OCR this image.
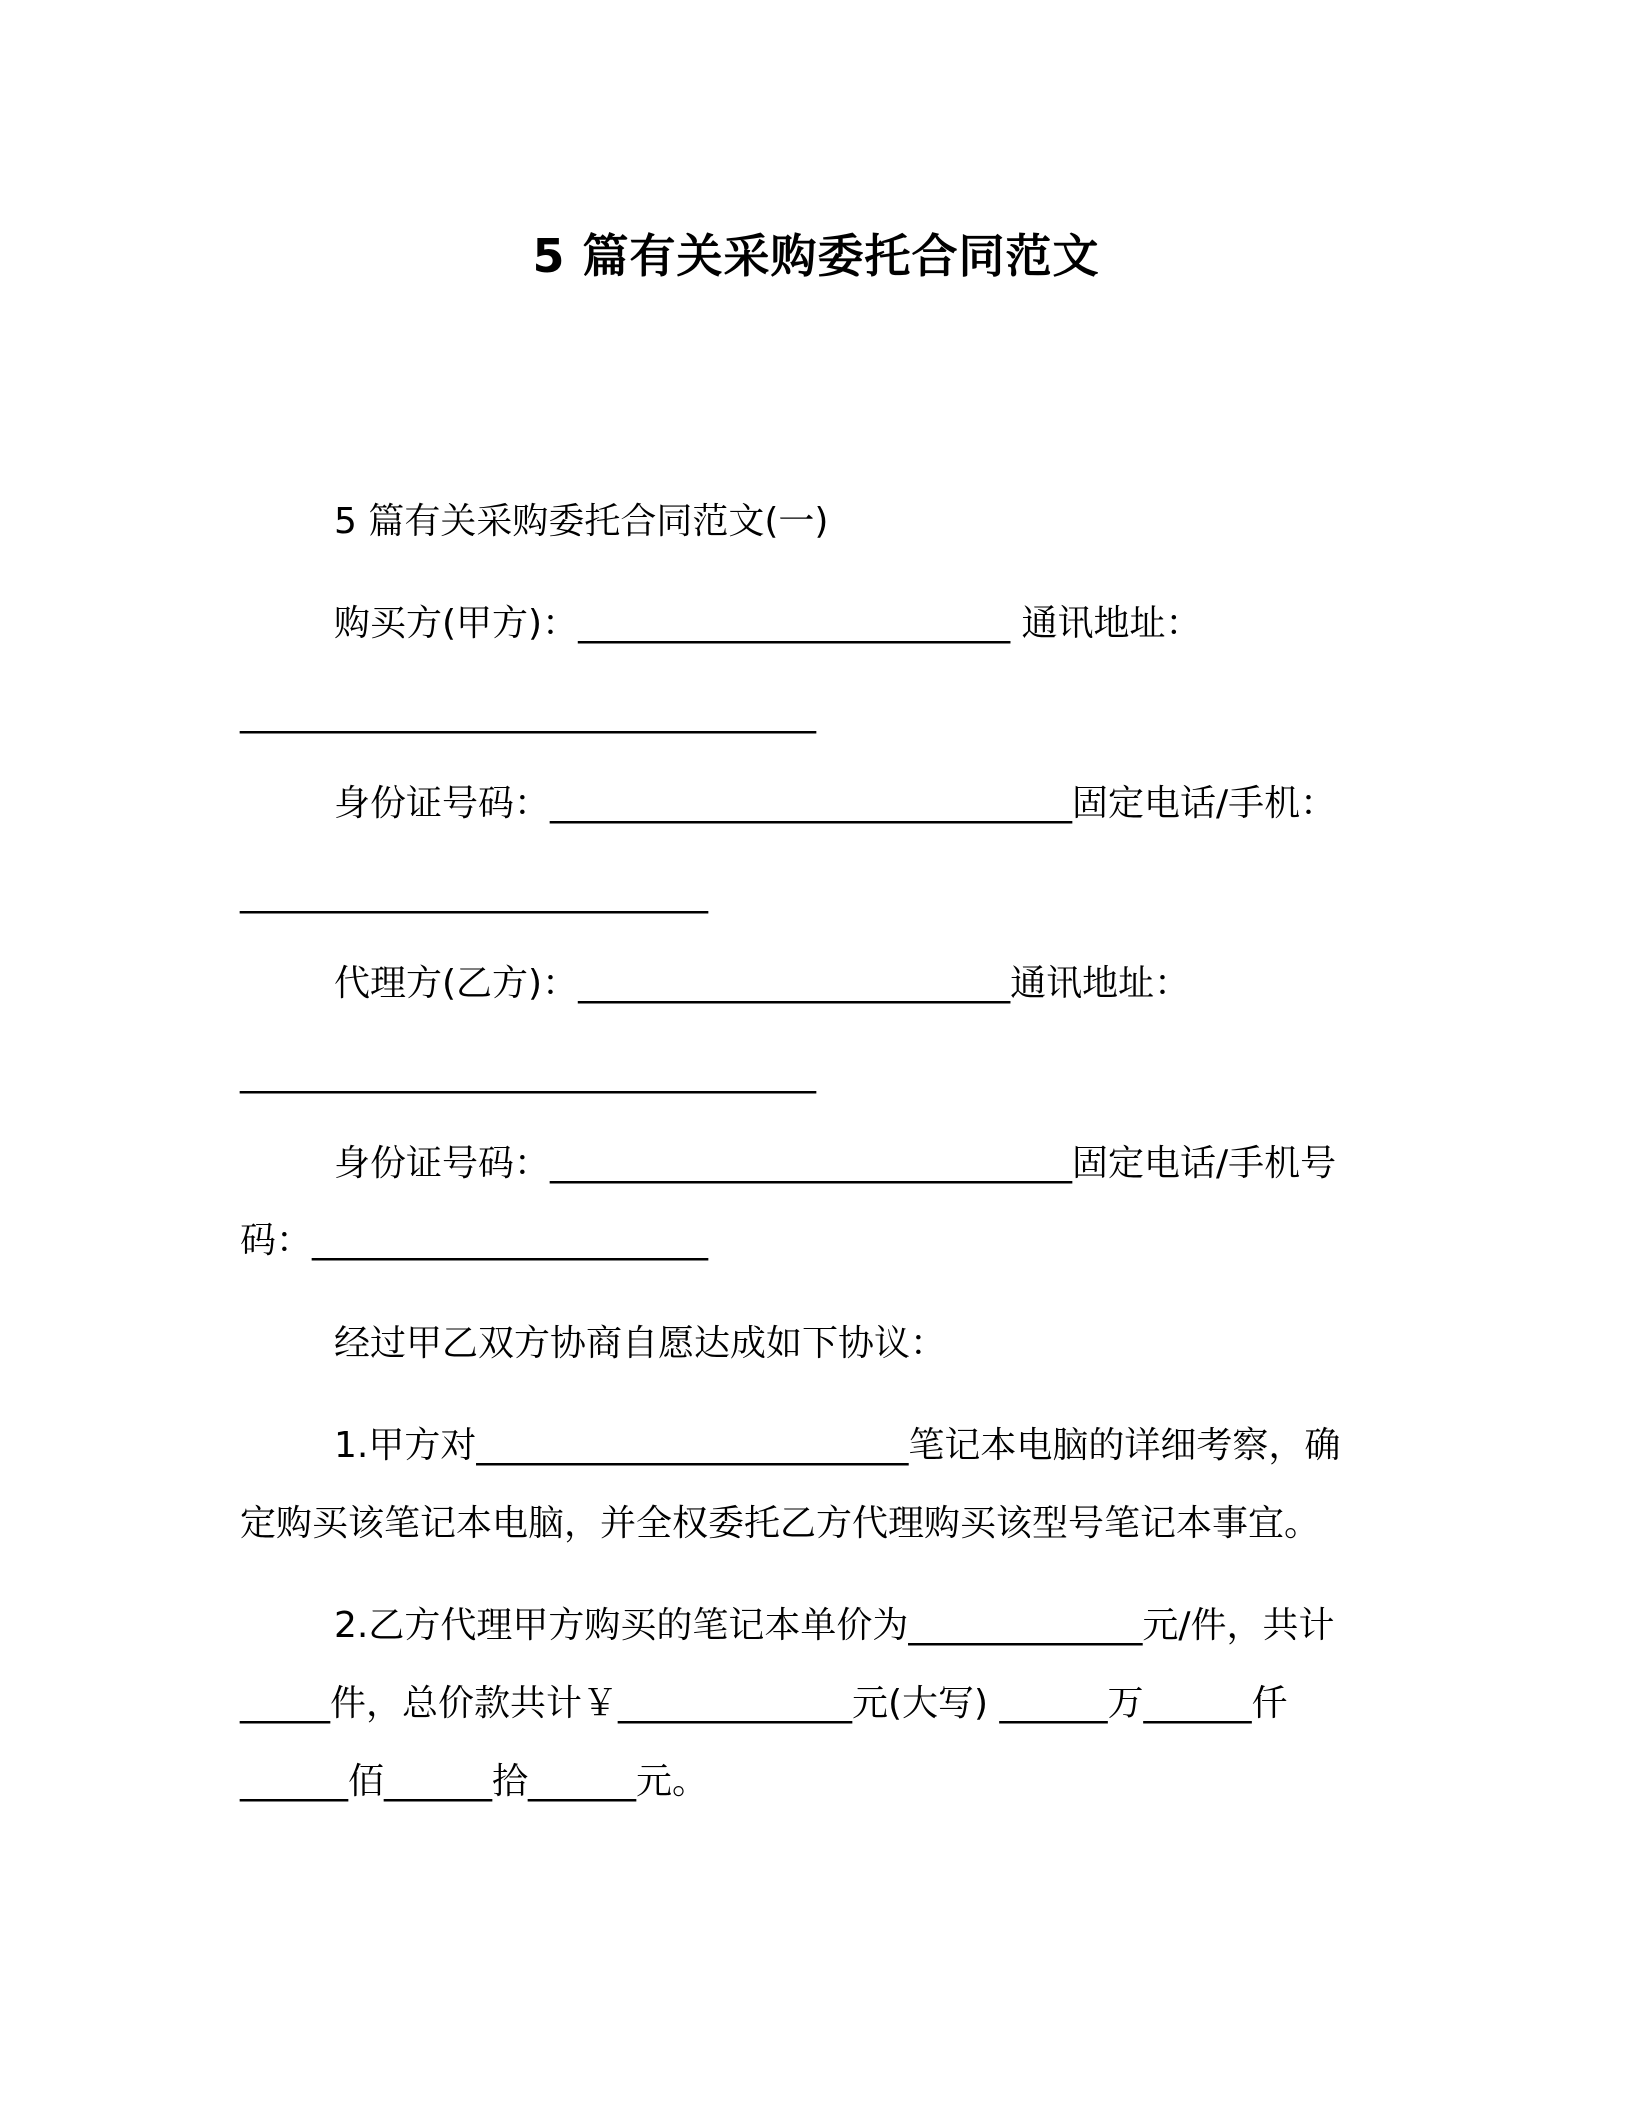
5 篇有关采购委托合同范文
5 篇有关采购委托合同范文(一)
购买方(甲方)：________________________ 通讯地址：
________________________________
身份证号码：_____________________________固定电话/手机：
__________________________
代理方(乙方)：________________________通讯地址：
________________________________
身份证号码：_____________________________固定电话/手机号
码：______________________
经过甲乙双方协商自愿达成如下协议：
1.甲方对________________________笔记本电脑的详细考察，确
定购买该笔记本电脑，并全权委托乙方代理购买该型号笔记本事宜。
2.乙方代理甲方购买的笔记本单价为_____________元/件，共计
_____件，总价款共计￥_____________元(大写) ______万______仟
______佰______拾______元。
